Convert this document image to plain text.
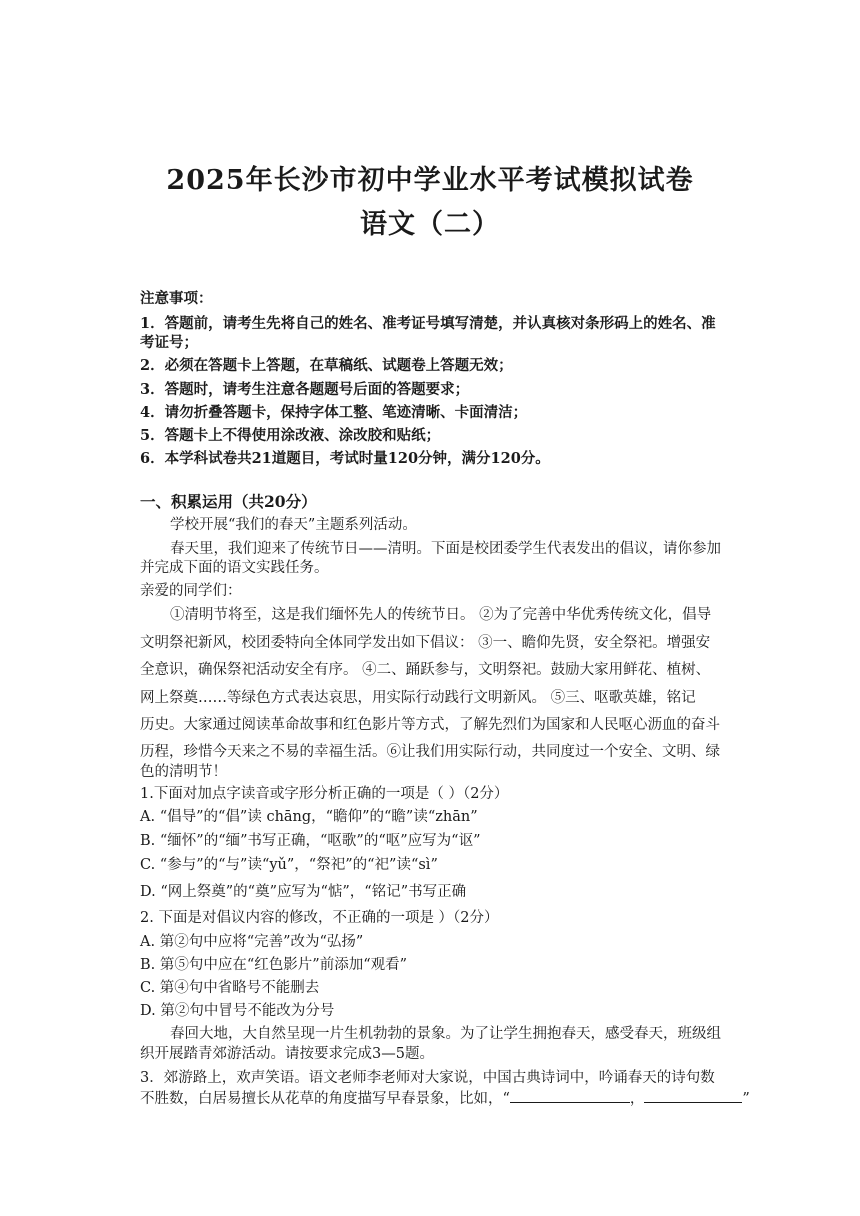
2025年长沙市初中学业水平考试模拟试卷
语文（二）
注意事项：
1．答题前，请考生先将自己的姓名、准考证号填写清楚，并认真核对条形码上的姓名、准
考证号；
2．必须在答题卡上答题，在草稿纸、试题卷上答题无效；
3．答题时，请考生注意各题题号后面的答题要求；
4．请勿折叠答题卡，保持字体工整、笔迹清晰、卡面清洁；
5．答题卡上不得使用涂改液、涂改胶和贴纸；
6．本学科试卷共21道题目，考试时量120分钟，满分120分。
一、积累运用（共20分）
学校开展“我们的春天”主题系列活动。
春天里，我们迎来了传统节日——清明。下面是校团委学生代表发出的倡议，请你参加
并完成下面的语文实践任务。
亲爱的同学们：
①清明节将至，这是我们缅怀先人的传统节日。 ②为了完善中华优秀传统文化，倡导
文明祭祀新风，校团委特向全体同学发出如下倡议： ③一、瞻仰先贤，安全祭祀。增强安
全意识，确保祭祀活动安全有序。 ④二、踊跃参与，文明祭祀。鼓励大家用鲜花、植树、
网上祭奠……等绿色方式表达哀思，用实际行动践行文明新风。 ⑤三、呕歌英雄，铭记
历史。大家通过阅读革命故事和红色影片等方式，了解先烈们为国家和人民呕心沥血的奋斗
历程，珍惜今天来之不易的幸福生活。⑥让我们用实际行动，共同度过一个安全、文明、绿
色的清明节！
1.下面对加点字读音或字形分析正确的一项是（ ）（2分）
A. “倡导”的“倡”读 chāng，“瞻仰”的“瞻”读“zhān”
B. “缅怀”的“缅”书写正确，“呕歌”的“呕”应写为“讴”
C. “参与”的“与”读“yǔ”，“祭祀”的“祀”读“sì”
D. “网上祭奠”的“奠”应写为“惦”，“铭记”书写正确
2. 下面是对倡议内容的修改，不正确的一项是 ）（2分）
A. 第②句中应将“完善”改为“弘扬”
B. 第⑤句中应在“红色影片”前添加“观看”
C. 第④句中省略号不能删去
D. 第②句中冒号不能改为分号
春回大地，大自然呈现一片生机勃勃的景象。为了让学生拥抱春天，感受春天，班级组
织开展踏青郊游活动。请按要求完成3—5题。
3．郊游路上，欢声笑语。语文老师李老师对大家说，中国古典诗词中，吟诵春天的诗句数
不胜数，白居易擅长从花草的角度描写早春景象，比如，“	，	”
